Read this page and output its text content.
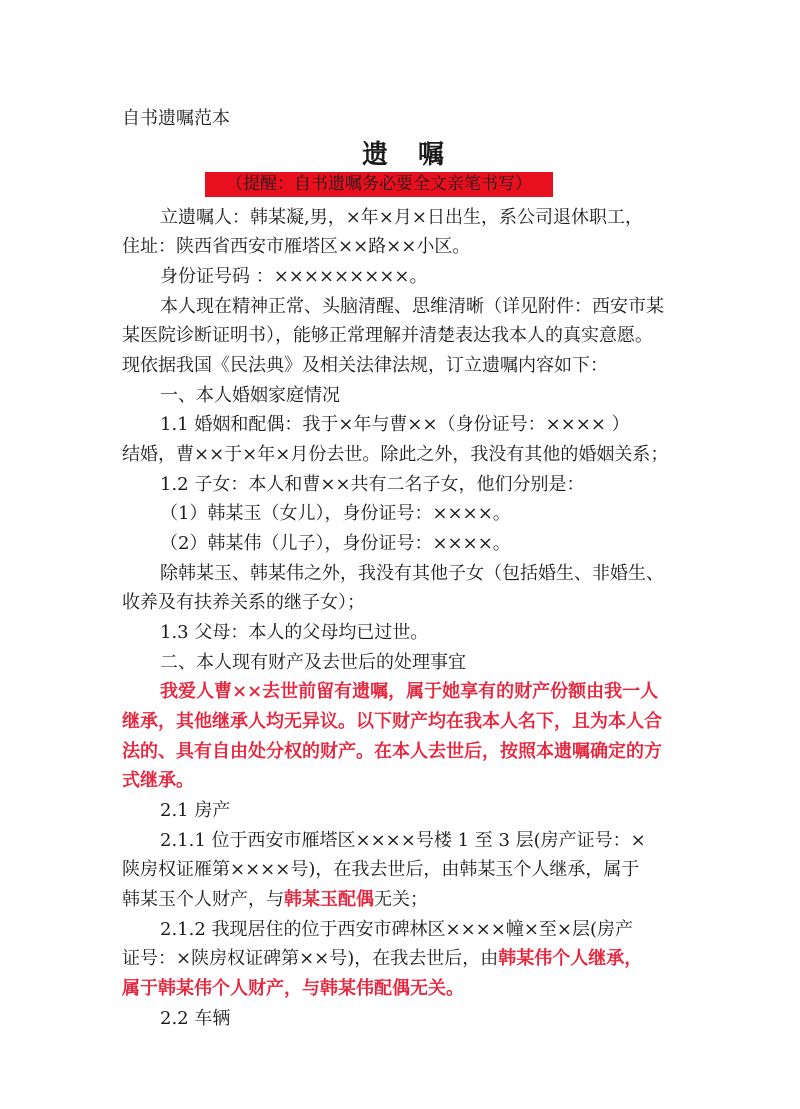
自书遗嘱范本
遗　嘱
（提醒：自书遗嘱务必要全文亲笔书写）
立遗嘱人：韩某凝,男，×年×月×日出生，系公司退休职工，
住址：陕西省西安市雁塔区××路××小区。
身份证号码 ：×××××××××。
本人现在精神正常、头脑清醒、思维清晰（详见附件：西安市某
某医院诊断证明书），能够正常理解并清楚表达我本人的真实意愿。
现依据我国《民法典》及相关法律法规，订立遗嘱内容如下：
一、本人婚姻家庭情况
1.1 婚姻和配偶：我于×年与曹××（身份证号：×××× ）
结婚，曹××于×年×月份去世。除此之外，我没有其他的婚姻关系；
1.2 子女：本人和曹××共有二名子女，他们分别是：
（1）韩某玉（女儿），身份证号：××××。
（2）韩某伟（儿子），身份证号：××××。
除韩某玉、韩某伟之外，我没有其他子女（包括婚生、非婚生、
收养及有扶养关系的继子女）；
1.3 父母：本人的父母均已过世。
二、本人现有财产及去世后的处理事宜
我爱人曹××去世前留有遗嘱，属于她享有的财产份额由我一人
继承，其他继承人均无异议。以下财产均在我本人名下，且为本人合
法的、具有自由处分权的财产。在本人去世后，按照本遗嘱确定的方
式继承。
2.1 房产
2.1.1 位于西安市雁塔区××××号楼 1 至 3 层(房产证号：×
陕房权证雁第××××号)，在我去世后，由韩某玉个人继承，属于
韩某玉个人财产，与韩某玉配偶无关；
2.1.2 我现居住的位于西安市碑林区××××幢×至×层(房产
证号：×陕房权证碑第××号)，在我去世后，由韩某伟个人继承，
属于韩某伟个人财产，与韩某伟配偶无关。
2.2 车辆
